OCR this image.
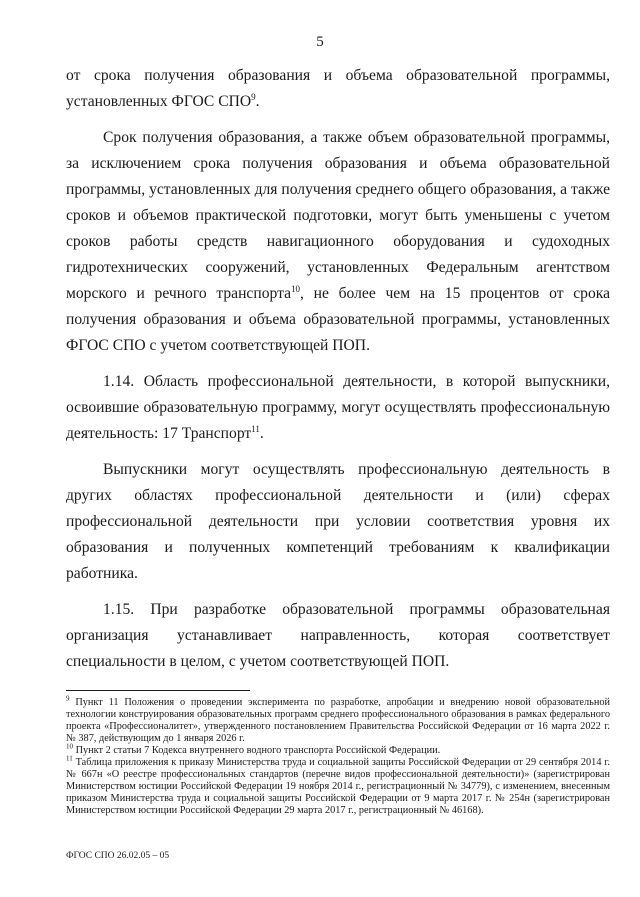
5

от срока получения образования и объема образовательной программы, установленных ФГОС СПО$^9$.

Срок получения образования, а также объем образовательной программы, за исключением срока получения образования и объема образовательной программы, установленных для получения среднего общего образования, а также сроков и объемов практической подготовки, могут быть уменьшены с учетом сроков работы средств навигационного оборудования и судоходных гидротехнических сооружений, установленных Федеральным агентством морского и речного транспорта$^{10}$, не более чем на 15 процентов от срока получения образования и объема образовательной программы, установленных ФГОС СПО с учетом соответствующей ПОП.

1.14. Область профессиональной деятельности, в которой выпускники, освоившие образовательную программу, могут осуществлять профессиональную деятельность: 17 Транспорт$^{11}$.

Выпускники могут осуществлять профессиональную деятельность в других областях профессиональной деятельности и (или) сферах профессиональной деятельности при условии соответствия уровня их образования и полученных компетенций требованиям к квалификации работника.

1.15. При разработке образовательной программы образовательная организация устанавливает направленность, которая соответствует специальности в целом, с учетом соответствующей ПОП.

$^9$ Пункт 11 Положения о проведении эксперимента по разработке, апробации и внедрению новой образовательной технологии конструирования образовательных программ среднего профессионального образования в рамках федерального проекта «Профессионалитет», утвержденного постановлением Правительства Российской Федерации от 16 марта 2022 г. № 387, действующим до 1 января 2026 г.

$^{10}$ Пункт 2 статьи 7 Кодекса внутреннего водного транспорта Российской Федерации.

$^{11}$ Таблица приложения к приказу Министерства труда и социальной защиты Российской Федерации от 29 сентября 2014 г. № 667н «О реестре профессиональных стандартов (перечне видов профессиональной деятельности)» (зарегистрирован Министерством юстиции Российской Федерации 19 ноября 2014 г., регистрационный № 34779), с изменением, внесенным приказом Министерства труда и социальной защиты Российской Федерации от 9 марта 2017 г. № 254н (зарегистрирован Министерством юстиции Российской Федерации 29 марта 2017 г., регистрационный № 46168).

ФГОС СПО 26.02.05 – 05
